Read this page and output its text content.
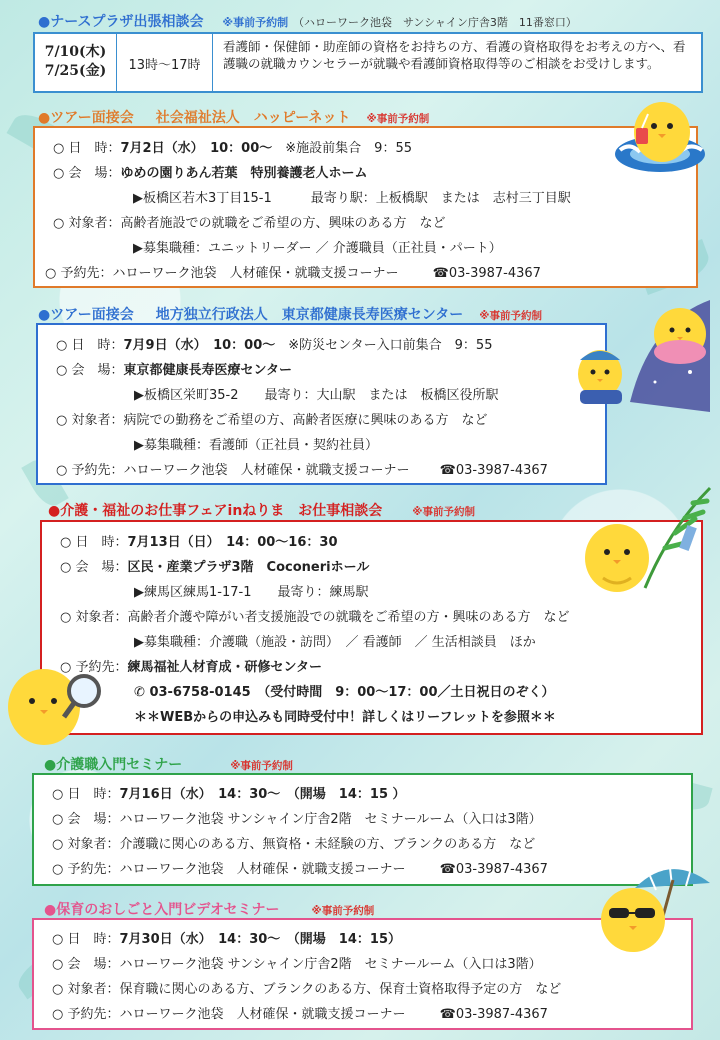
●ナースプラザ出張相談会 ※事前予約制 （ハローワーク池袋　サンシャイン庁舎3階　11番窓口）
7/10(木)
7/25(金)	13時～17時
看護師・保健師・助産師の資格をお持ちの方、看護の資格取得をお考えの方へ、看護職の就職カウンセラーが就職や看護師資格取得等のご相談をお受けします。
●ツアー面接会 社会福祉法人　ハッピーネット ※事前予約制
○ 日　時：7月2日（水）　10：00～　 ※施設前集合　9：55
○ 会　場：ゆめの園りあん若葉　特別養護老人ホーム
▶板橋区若木3丁目15-1　　　最寄り駅：上板橋駅　または　志村三丁目駅
○ 対象者：高齢者施設での就職をご希望の方、興味のある方　など
▶募集職種：ユニットリーダー ／ 介護職員（正社員・パート）
○ 予約先：ハローワーク池袋　人材確保・就職支援コーナー	☎03-3987-4367
●ツアー面接会 地方独立行政法人　東京都健康長寿医療センター ※事前予約制
○ 日　時：7月9日（水）　10：00～　 ※防災センター入口前集合　9：55
○ 会　場：東京都健康長寿医療センター
▶板橋区栄町35-2　　最寄り：大山駅　または　板橋区役所駅
○ 対象者：病院での勤務をご希望の方、高齢者医療に興味のある方　など
▶募集職種：看護師（正社員・契約社員）
○ 予約先：ハローワーク池袋　人材確保・就職支援コーナー ☎03-3987-4367
●介護・福祉のお仕事フェアinねりま　お仕事相談会	※事前予約制
○ 日　時：7月13日（日）　14：00～16：30
○ 会　場：区民・産業プラザ3階　Coconeriホール
▶練馬区練馬1-17-1　　最寄り：練馬駅
○ 対象者：高齢者介護や障がい者支援施設での就職をご希望の方・興味のある方　など
▶募集職種：介護職（施設・訪問）　／ 看護師　／ 生活相談員　ほか
○ 予約先：練馬福祉人材育成・研修センター
✆ 03-6758-0145　 （受付時間　9：00～17：00／土日祝日のぞく）
＊＊WEBからの申込みも同時受付中！詳しくはリーフレットを参照＊＊
●介護職入門セミナー	※事前予約制
○ 日　時：7月16日（水）　14：30～　（開場　14：15 ）
○ 会　場：ハローワーク池袋 サンシャイン庁舎2階　セミナールーム（入口は3階）
○ 対象者：介護職に関心のある方、無資格・未経験の方、ブランクのある方　など
○ 予約先：ハローワーク池袋　人材確保・就職支援コーナー	☎03-3987-4367
●保育のおしごと入門ビデオセミナー	※事前予約制
○ 日　時：7月30日（水）　14：30～　（開場　14：15）
○ 会　場：ハローワーク池袋 サンシャイン庁舎2階　セミナールーム（入口は3階）
○ 対象者：保育職に関心のある方、ブランクのある方、保育士資格取得予定の方　など
○ 予約先：ハローワーク池袋　人材確保・就職支援コーナー	☎03-3987-4367
